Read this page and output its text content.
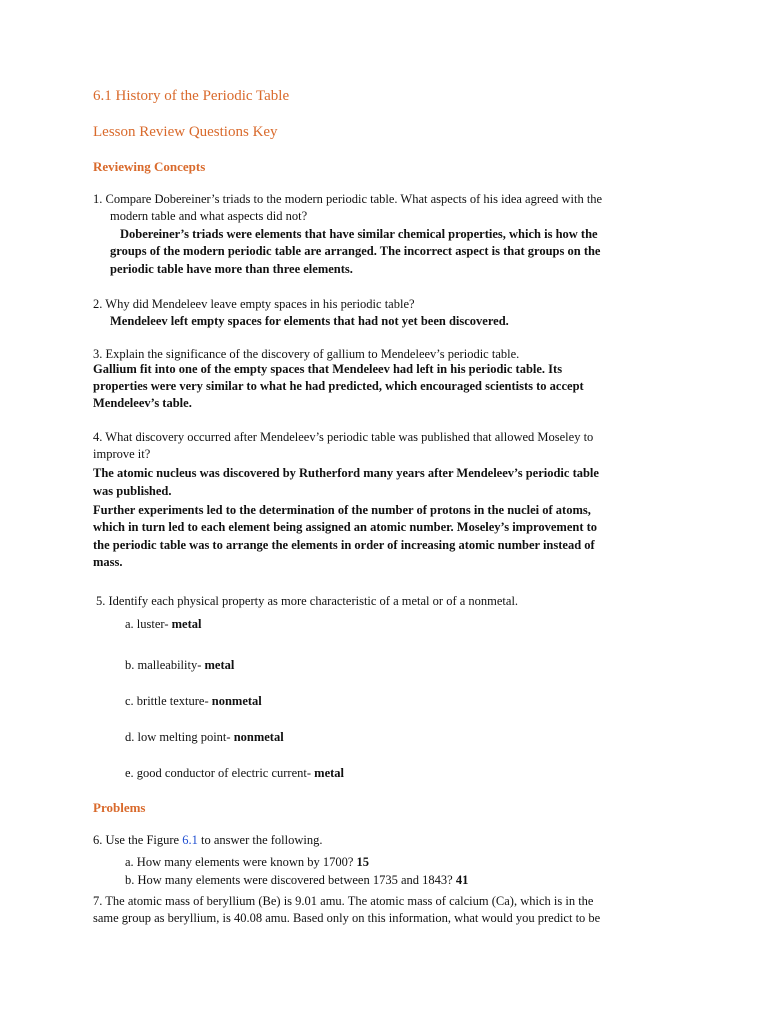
6.1 History of the Periodic Table
Lesson Review Questions Key
Reviewing Concepts
1. Compare Dobereiner’s triads to the modern periodic table. What aspects of his idea agreed with the
modern table and what aspects did not?
Dobereiner’s triads were elements that have similar chemical properties, which is how the
groups of the modern periodic table are arranged. The incorrect aspect is that groups on the
periodic table have more than three elements.
2. Why did Mendeleev leave empty spaces in his periodic table?
Mendeleev left empty spaces for elements that had not yet been discovered.
3. Explain the significance of the discovery of gallium to Mendeleev’s periodic table.
Gallium fit into one of the empty spaces that Mendeleev had left in his periodic table. Its
properties were very similar to what he had predicted, which encouraged scientists to accept
Mendeleev’s table.
4. What discovery occurred after Mendeleev’s periodic table was published that allowed Moseley to
improve it?
The atomic nucleus was discovered by Rutherford many years after Mendeleev’s periodic table
was published.
Further experiments led to the determination of the number of protons in the nuclei of atoms,
which in turn led to each element being assigned an atomic number. Moseley’s improvement to
the periodic table was to arrange the elements in order of increasing atomic number instead of
mass.
5. Identify each physical property as more characteristic of a metal or of a nonmetal.
a. luster- metal
b. malleability- metal
c. brittle texture- nonmetal
d. low melting point- nonmetal
e. good conductor of electric current- metal
Problems
6. Use the Figure 6.1 to answer the following.
a. How many elements were known by 1700? 15
b. How many elements were discovered between 1735 and 1843? 41
7. The atomic mass of beryllium (Be) is 9.01 amu. The atomic mass of calcium (Ca), which is in the
same group as beryllium, is 40.08 amu. Based only on this information, what would you predict to be
